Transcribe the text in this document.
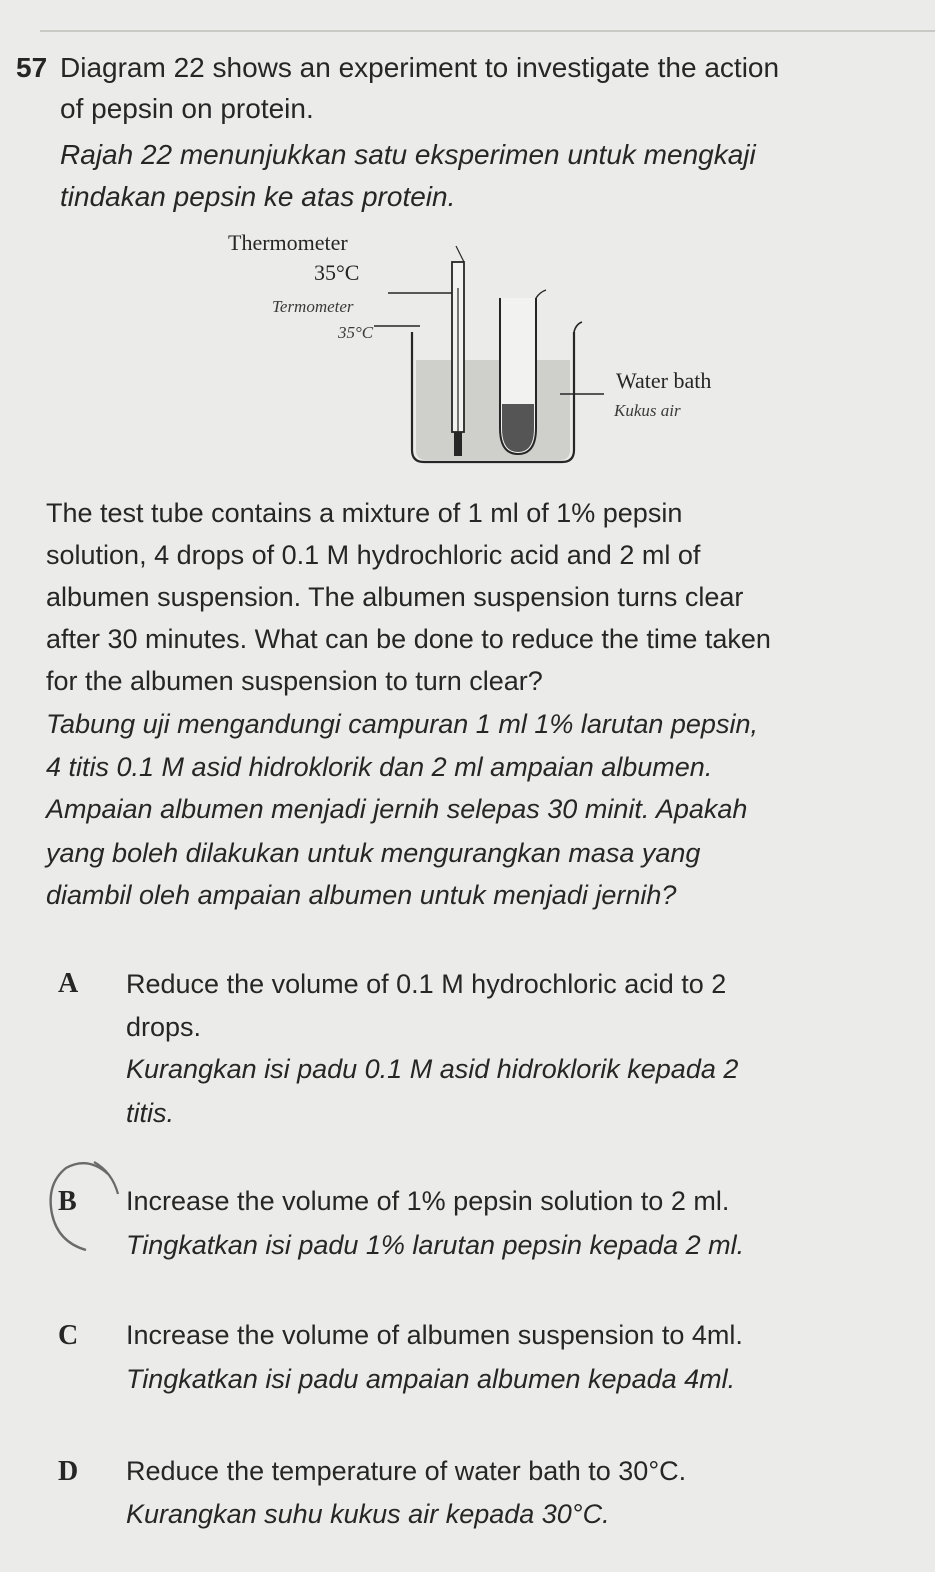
57 Diagram 22 shows an experiment to investigate the action
of pepsin on protein.
Rajah 22 menunjukkan satu eksperimen untuk mengkaji
tindakan pepsin ke atas protein.
Thermometer
35°C
Termometer
35°C
Water bath
Kukus air
The test tube contains a mixture of 1 ml of 1% pepsin
solution, 4 drops of 0.1 M hydrochloric acid and 2 ml of
albumen suspension. The albumen suspension turns clear
after 30 minutes. What can be done to reduce the time taken
for the albumen suspension to turn clear?
Tabung uji mengandungi campuran 1 ml 1% larutan pepsin,
4 titis 0.1 M asid hidroklorik dan 2 ml ampaian albumen.
Ampaian albumen menjadi jernih selepas 30 minit. Apakah
yang boleh dilakukan untuk mengurangkan masa yang
diambil oleh ampaian albumen untuk menjadi jernih?
A Reduce the volume of 0.1 M hydrochloric acid to 2
drops.
Kurangkan isi padu 0.1 M asid hidroklorik kepada 2
titis.
B Increase the volume of 1% pepsin solution to 2 ml.
Tingkatkan isi padu 1% larutan pepsin kepada 2 ml.
C Increase the volume of albumen suspension to 4ml.
Tingkatkan isi padu ampaian albumen kepada 4ml.
D Reduce the temperature of water bath to 30°C.
Kurangkan suhu kukus air kepada 30°C.
